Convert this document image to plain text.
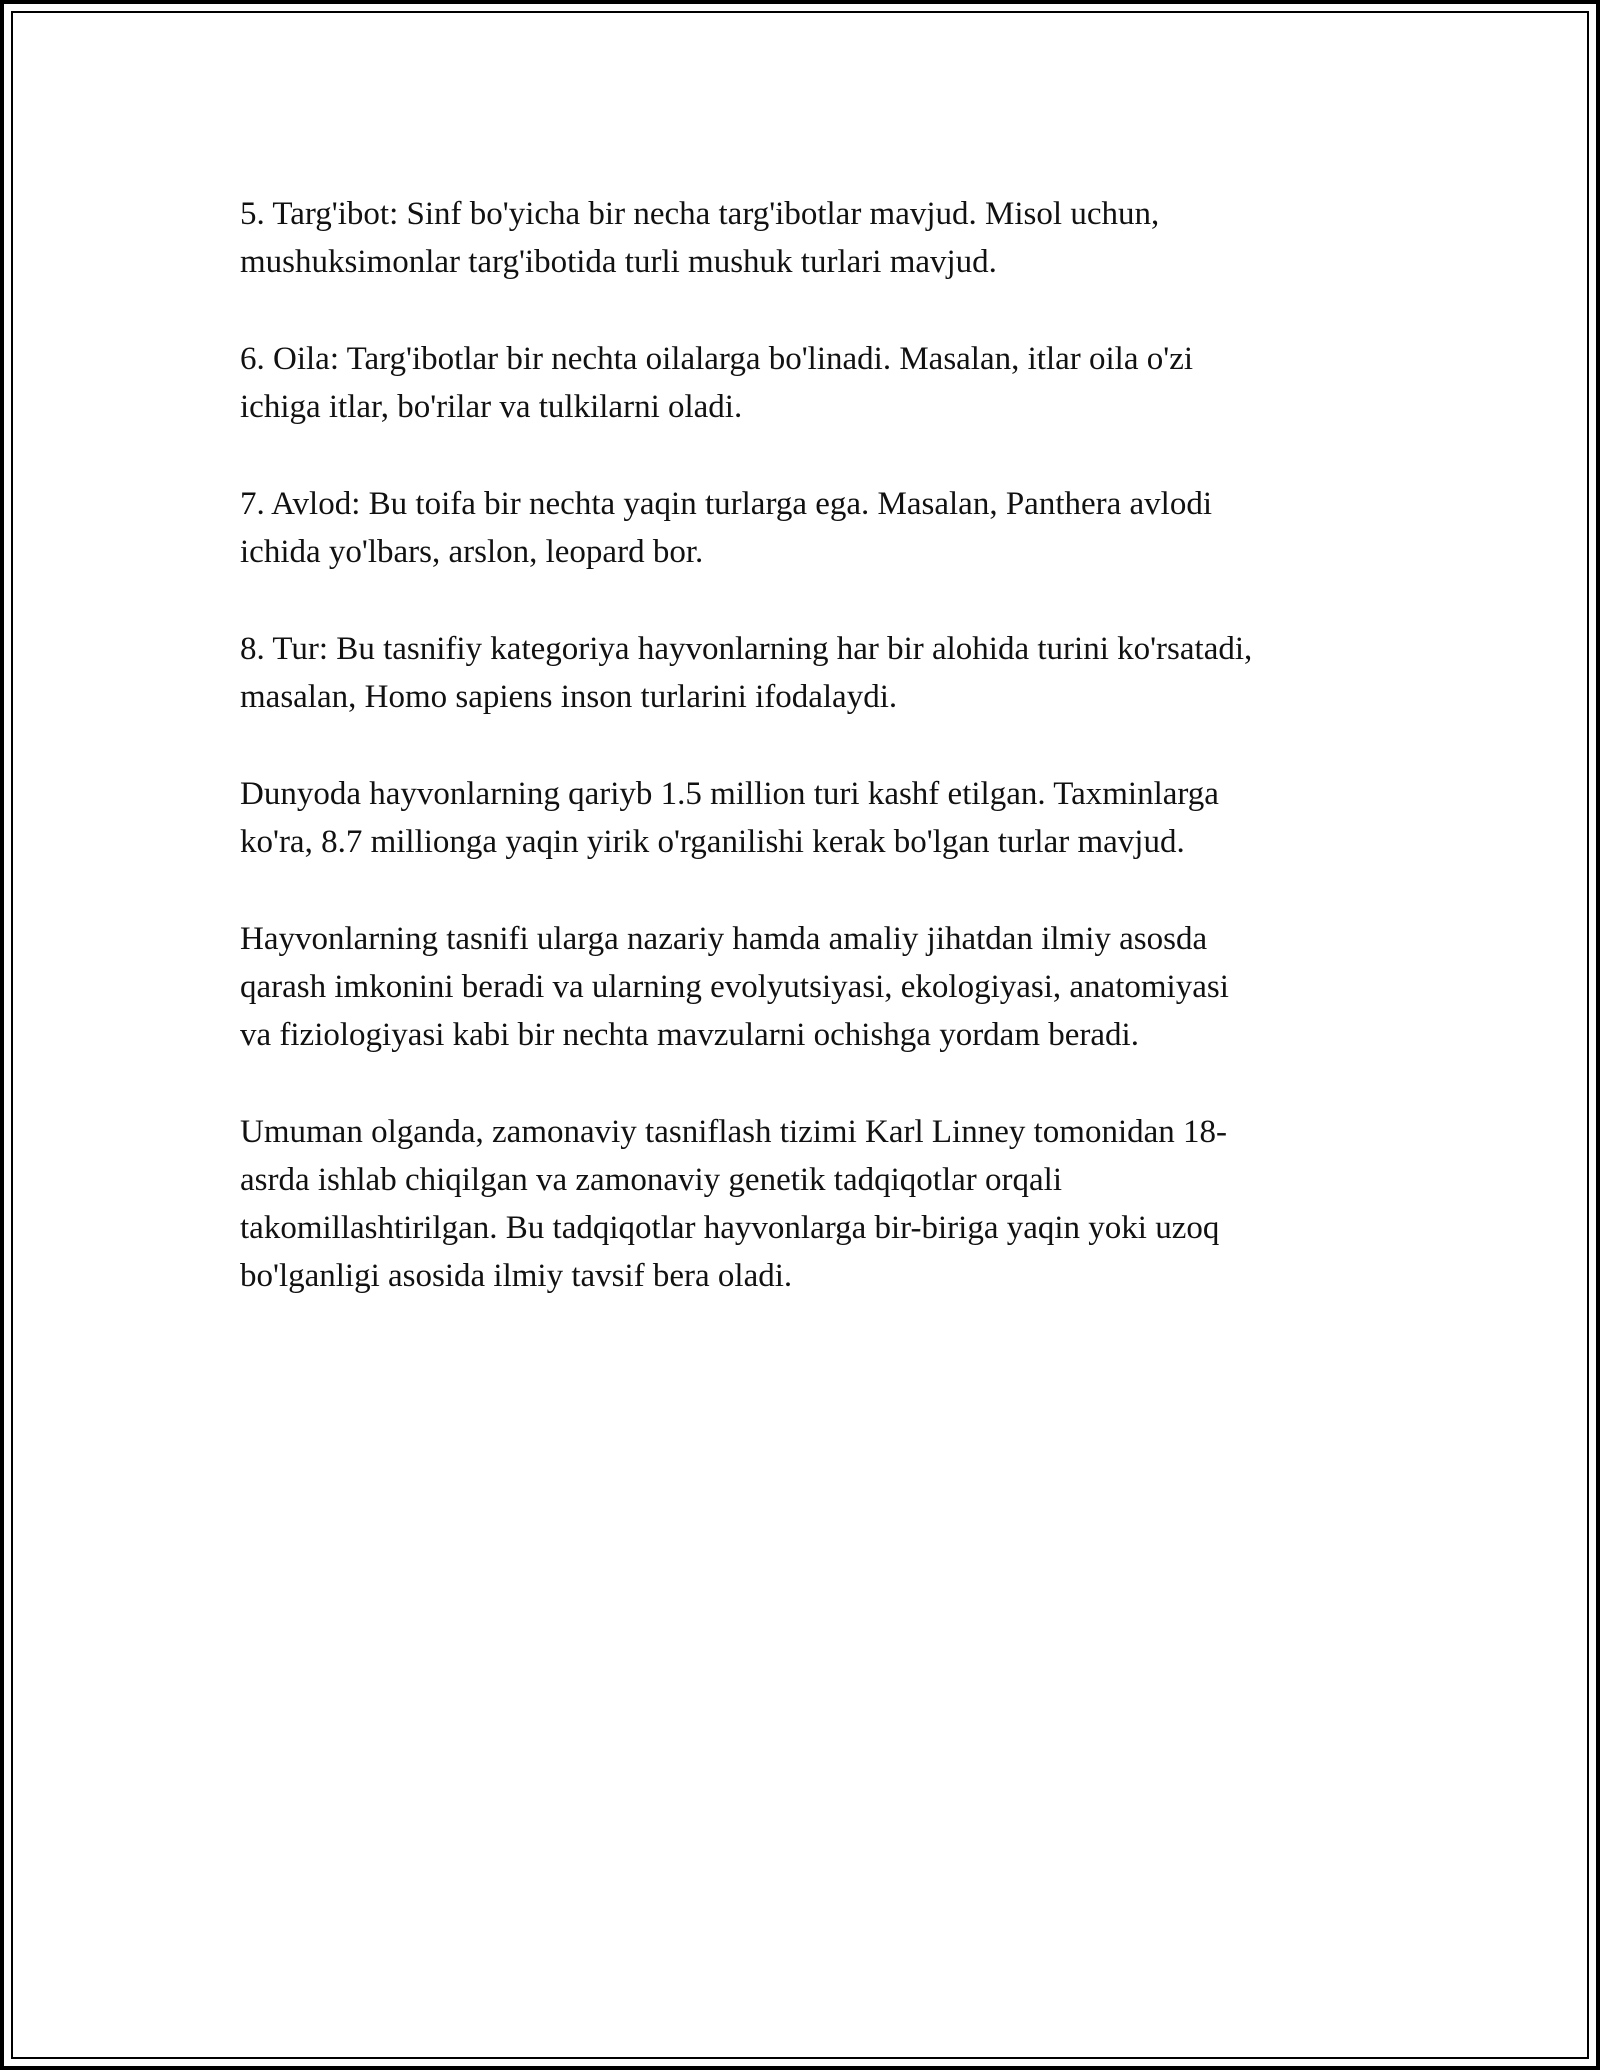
5. Targ'ibot: Sinf bo'yicha bir necha targ'ibotlar mavjud. Misol uchun,
mushuksimonlar targ'ibotida turli mushuk turlari mavjud.

6. Oila: Targ'ibotlar bir nechta oilalarga bo'linadi. Masalan, itlar oila o'zi
ichiga itlar, bo'rilar va tulkilarni oladi.

7. Avlod: Bu toifa bir nechta yaqin turlarga ega. Masalan, Panthera avlodi
ichida yo'lbars, arslon, leopard bor.

8. Tur: Bu tasnifiy kategoriya hayvonlarning har bir alohida turini ko'rsatadi,
masalan, Homo sapiens inson turlarini ifodalaydi.

Dunyoda hayvonlarning qariyb 1.5 million turi kashf etilgan. Taxminlarga
ko'ra, 8.7 millionga yaqin yirik o'rganilishi kerak bo'lgan turlar mavjud.

Hayvonlarning tasnifi ularga nazariy hamda amaliy jihatdan ilmiy asosda
qarash imkonini beradi va ularning evolyutsiyasi, ekologiyasi, anatomiyasi
va fiziologiyasi kabi bir nechta mavzularni ochishga yordam beradi.

Umuman olganda, zamonaviy tasniflash tizimi Karl Linney tomonidan 18-
asrda ishlab chiqilgan va zamonaviy genetik tadqiqotlar orqali
takomillashtirilgan. Bu tadqiqotlar hayvonlarga bir-biriga yaqin yoki uzoq
bo'lganligi asosida ilmiy tavsif bera oladi.
